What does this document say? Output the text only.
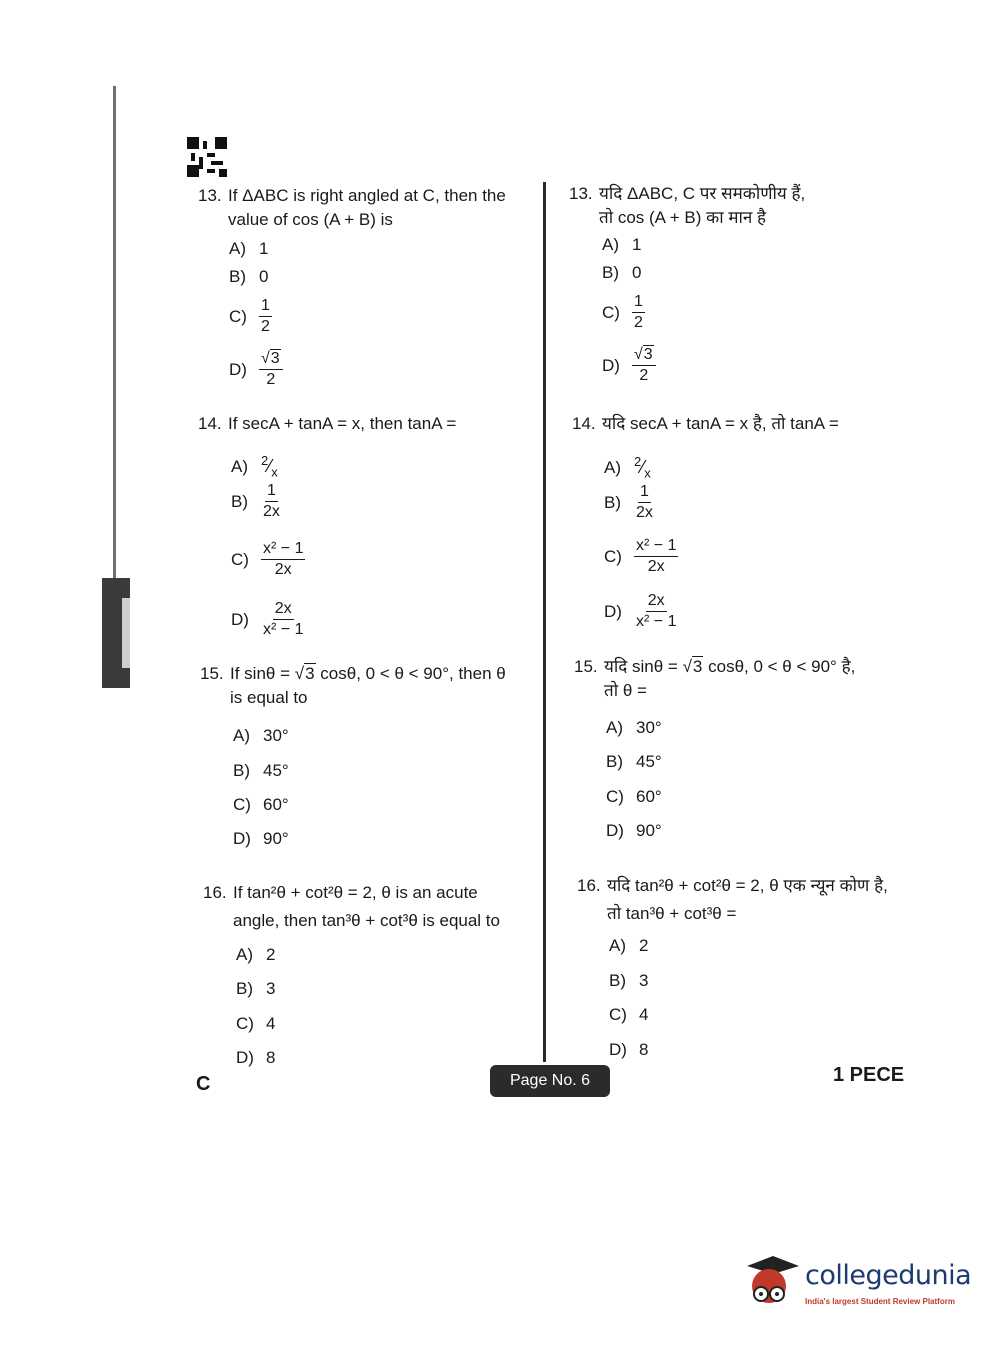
13. If ΔABC is right angled at C, then the
value of cos (A + B) is
A) 1
B) 0
$C) \frac{1}{2}$
$D) \frac{√3}{2}$
14. If secA + tanA = x, then tanA =
A)	$^2⁄_x$
$B) \frac{1}{2x}$
$C) \frac{\text{x² − 1}}{2x}$
$D) \frac{2x}{\text{x² − 1}}$
15. If sinθ = √3 cosθ, 0 < θ < 90°, then θ
is equal to
A) 30°
B) 45°
C) 60°
D) 90°
16. If tan²θ + cot²θ = 2, θ is an acute
angle, then tan³θ + cot³θ is equal to
A) 2
B) 3
C) 4
D) 8
13. यदि ΔABC, C पर समकोणीय हैं,
तो cos (A + B) का मान है
A) 1
B) 0
$C) \frac{1}{2}$
$D) \frac{√3}{2}$
14. यदि secA + tanA = x है, तो tanA =
A)	$^2⁄_x$
$B) \frac{1}{2x}$
$C) \frac{\text{x² − 1}}{2x}$
$D) \frac{2x}{\text{x² − 1}}$
15. यदि sinθ = √3 cosθ, 0 < θ < 90° है,
तो θ =
A) 30°
B) 45°
C) 60°
D) 90°
16. यदि tan²θ + cot²θ = 2, θ एक न्यून कोण है,
तो tan³θ + cot³θ =
A) 2
B) 3
C) 4
D) 8
C	Page No. 6	1 PECE
collegedunia
India's largest Student Review Platform
